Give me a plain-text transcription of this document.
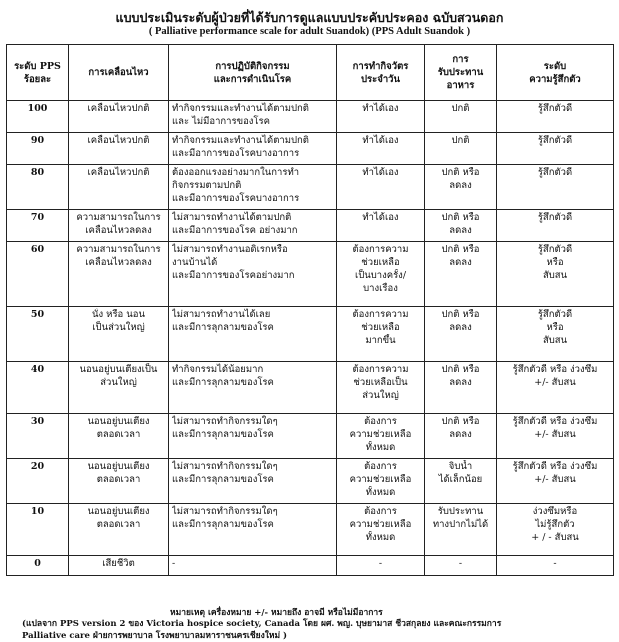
แบบประเมินระดับผู้ป่วยที่ได้รับการดูแลแบบประคับประคอง ฉบับสวนดอก
( Palliative performance scale for adult Suandok) (PPS Adult Suandok )
ระดับ PPS
ร้อยละ	การเคลื่อนไหว	การปฏิบัติกิจกรรม
และการดำเนินโรค	การทำกิจวัตร
ประจำวัน	การ
รับประทาน
อาหาร	ระดับ
ความรู้สึกตัว

100	เคลื่อนไหวปกติ	ทำกิจกรรมและทำงานได้ตามปกติ
และ ไม่มีอาการของโรค	ทำได้เอง	ปกติ	รู้สึกตัวดี

90	เคลื่อนไหวปกติ	ทำกิจกรรมและทำงานได้ตามปกติ
และมีอาการของโรคบางอาการ	ทำได้เอง	ปกติ	รู้สึกตัวดี

80	เคลื่อนไหวปกติ	ต้องออกแรงอย่างมากในการทำ
กิจกรรมตามปกติ
และมีอาการของโรคบางอาการ	ทำได้เอง	ปกติ หรือ
ลดลง	รู้สึกตัวดี

70	ความสามารถในการ
เคลื่อนไหวลดลง	ไม่สามารถทำงานได้ตามปกติ
และมีอาการของโรค อย่างมาก	ทำได้เอง	ปกติ หรือ
ลดลง	รู้สึกตัวดี

60	ความสามารถในการ
เคลื่อนไหวลดลง	ไม่สามารถทำงานอดิเรกหรือ
งานบ้านได้
และมีอาการของโรคอย่างมาก	ต้องการความ
ช่วยเหลือ
เป็นบางครั้ง/
บางเรื่อง	ปกติ หรือ
ลดลง	รู้สึกตัวดี
หรือ
สับสน

50	นั่ง หรือ นอน
เป็นส่วนใหญ่	ไม่สามารถทำงานได้เลย
และมีการลุกลามของโรค	ต้องการความ
ช่วยเหลือ
มากขึ้น	ปกติ หรือ
ลดลง	รู้สึกตัวดี
หรือ
สับสน

40	นอนอยู่บนเตียงเป็น
ส่วนใหญ่	ทำกิจกรรมได้น้อยมาก
และมีการลุกลามของโรค	ต้องการความ
ช่วยเหลือเป็น
ส่วนใหญ่	ปกติ หรือ
ลดลง	รู้สึกตัวดี หรือ ง่วงซึม
+/- สับสน

30	นอนอยู่บนเตียง
ตลอดเวลา	ไม่สามารถทำกิจกรรมใดๆ
และมีการลุกลามของโรค	ต้องการ
ความช่วยเหลือ
ทั้งหมด	ปกติ หรือ
ลดลง	รู้สึกตัวดี หรือ ง่วงซึม
+/- สับสน

20	นอนอยู่บนเตียง
ตลอดเวลา	ไม่สามารถทำกิจกรรมใดๆ
และมีการลุกลามของโรค	ต้องการ
ความช่วยเหลือ
ทั้งหมด	จิบน้ำ
ได้เล็กน้อย	รู้สึกตัวดี หรือ ง่วงซึม
+/- สับสน

10	นอนอยู่บนเตียง
ตลอดเวลา	ไม่สามารถทำกิจกรรมใดๆ
และมีการลุกลามของโรค	ต้องการ
ความช่วยเหลือ
ทั้งหมด	รับประทาน
ทางปากไม่ได้	ง่วงซึมหรือ
ไม่รู้สึกตัว
+ / - สับสน

0	เสียชีวิต	-	-	-	-
หมายเหตุ เครื่องหมาย +/- หมายถึง อาจมี หรือไม่มีอาการ
(แปลจาก PPS version 2 ของ Victoria hospice society, Canada โดย ผศ. พญ. บุษยามาส ชีวสกุลยง และคณะกรรมการ
Palliative care ฝ่ายการพยาบาล โรงพยาบาลมหาราชนครเชียงใหม่ )
